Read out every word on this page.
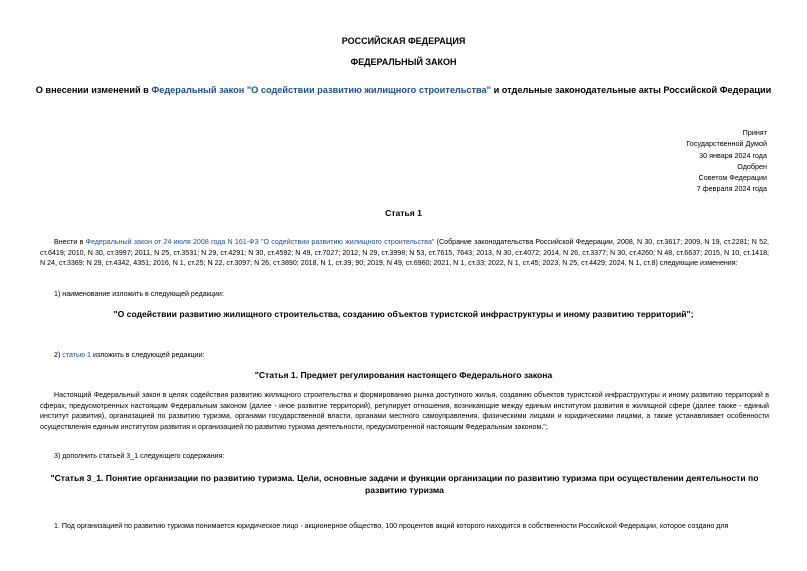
РОССИЙСКАЯ ФЕДЕРАЦИЯ
ФЕДЕРАЛЬНЫЙ ЗАКОН
О внесении изменений в Федеральный закон "О содействии развитию жилищного строительства" и отдельные законодательные акты Российской Федерации
Принят
Государственной Думой
30 января 2024 года
Одобрен
Советом Федерации
7 февраля 2024 года
Статья 1
Внести в Федеральный закон от 24 июля 2008 года N 161-ФЗ "О содействии развитию жилищного строительства" (Собрание законодательства Российской Федерации, 2008, N 30, ст.3617; 2009, N 19, ст.2281; N 52, ст.6419; 2010, N 30, ст.3997; 2011, N 25, ст.3531; N 29, ст.4291; N 30, ст.4592; N 49, ст.7027; 2012, N 29, ст.3998; N 53, ст.7615, 7643; 2013, N 30, ст.4072; 2014, N 26, ст.3377; N 30, ст.4260; N 48, ст.6637; 2015, N 10, ст.1418; N 24, ст.3369; N 29, ст.4342, 4351; 2016, N 1, ст.25; N 22, ст.3097; N 26, ст.3890; 2018, N 1, ст.39, 90; 2019, N 49, ст.6960; 2021, N 1, ст.33; 2022, N 1, ст.45; 2023, N 25, ст.4429; 2024, N 1, ст.8) следующие изменения:
1) наименование изложить в следующей редакции:
"О содействии развитию жилищного строительства, созданию объектов туристской инфраструктуры и иному развитию территорий";
2) статью 1 изложить в следующей редакции:
"Статья 1. Предмет регулирования настоящего Федерального закона
Настоящий Федеральный закон в целях содействия развитию жилищного строительства и формированию рынка доступного жилья, созданию объектов туристской инфраструктуры и иному развитию территорий в сферах, предусмотренных настоящим Федеральным законом (далее - иное развитие территорий), регулирует отношения, возникающие между единым институтом развития в жилищной сфере (далее также - единый институт развития), организацией по развитию туризма, органами государственной власти, органами местного самоуправления, физическими лицами и юридическими лицами, а также устанавливает особенности осуществления единым институтом развития и организацией по развитию туризма деятельности, предусмотренной настоящим Федеральным законом.";
3) дополнить статьей 3_1 следующего содержания:
"Статья 3_1. Понятие организации по развитию туризма. Цели, основные задачи и функции организации по развитию туризма при осуществлении деятельности по развитию туризма
1. Под организацией по развитию туризма понимается юридическое лицо - акционерное общество, 100 процентов акций которого находится в собственности Российской Федерации, которое создано для
